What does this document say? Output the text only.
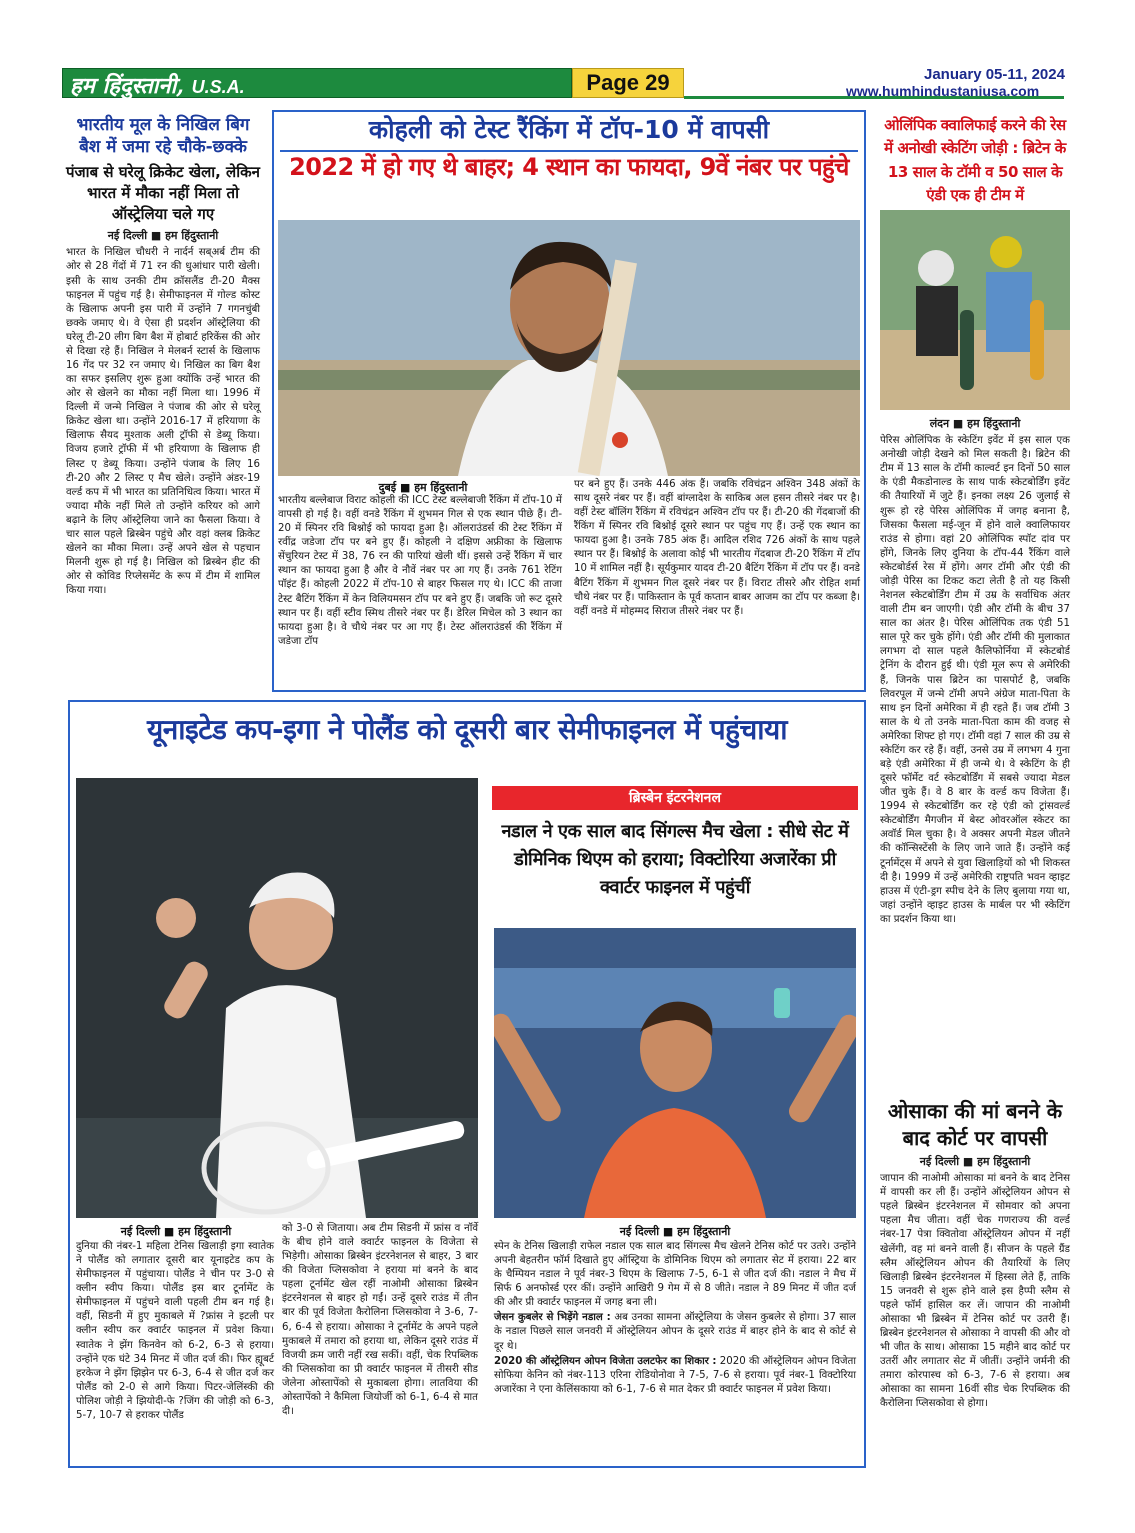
हम हिंदुस्तानी, U.S.A.	Page 29	January 05-11, 2024
www.humhindustaniusa.com
भारतीय मूल के निखिल बिग बैश में जमा रहे चौके-छक्के
पंजाब से घरेलू क्रिकेट खेला, लेकिन भारत में मौका नहीं मिला तो ऑस्ट्रेलिया चले गए
नई दिल्ली ■ हम हिंदुस्तानी

भारत के निखिल चौधरी ने नार्दर्न सब्अर्ब टीम की ओर से 28 गेंदों में 71 रन की धुआंधार पारी खेली। इसी के साथ उनकी टीम क्रॉसलैंड टी-20 मैक्स फाइनल में पहुंच गई है। सेमीफाइनल में गोल्ड कोस्ट के खिलाफ अपनी इस पारी में उन्होंने 7 गगनचुंबी छक्के जमाए थे। वे ऐसा ही प्रदर्शन ऑस्ट्रेलिया की घरेलू टी-20 लीग बिग बैश में होबार्ट हरिकेंस की ओर से दिखा रहे हैं। निखिल ने मेलबर्न स्टार्स के खिलाफ 16 गेंद पर 32 रन जमाए थे। निखिल का बिग बैश का सफर इसलिए शुरू हुआ क्योंकि उन्हें भारत की ओर से खेलने का मौका नहीं मिला था। 1996 में दिल्ली में जन्मे निखिल ने पंजाब की ओर से घरेलू क्रिकेट खेला था। उन्होंने 2016-17 में हरियाणा के खिलाफ सैयद मुश्ताक अली ट्रॉफी से डेब्यू किया। विजय हजारे ट्रॉफी में भी हरियाणा के खिलाफ ही लिस्ट ए डेब्यू किया। उन्होंने पंजाब के लिए 16 टी-20 और 2 लिस्ट ए मैच खेले। उन्होंने अंडर-19 वर्ल्ड कप में भी भारत का प्रतिनिधित्व किया। भारत में ज्यादा मौके नहीं मिले तो उन्होंने करियर को आगे बढ़ाने के लिए ऑस्ट्रेलिया जाने का फैसला किया। वे चार साल पहले ब्रिस्बेन पहुंचे और वहां क्लब क्रिकेट खेलने का मौका मिला। उन्हें अपने खेल से पहचान मिलनी शुरू हो गई है। निखिल को ब्रिस्बेन हीट की ओर से कोविड रिप्लेसमेंट के रूप में टीम में शामिल किया गया।

कोहली को टेस्ट रैंकिंग में टॉप-10 में वापसी
2022 में हो गए थे बाहर; 4 स्थान का फायदा, 9वें नंबर पर पहुंचे
दुबई ■ हम हिंदुस्तानी

भारतीय बल्लेबाज विराट कोहली की ICC टेस्ट बल्लेबाजी रैंकिंग में टॉप-10 में वापसी हो गई है। वहीं वनडे रैंकिंग में शुभमन गिल से एक स्थान पीछे हैं। टी- 20 में स्पिनर रवि बिश्नोई को फायदा हुआ है। ऑलराउंडर्स की टेस्ट रैंकिंग में रवींद्र जडेजा टॉप पर बने हुए हैं। कोहली ने दक्षिण अफ्रीका के खिलाफ सेंचुरियन टेस्ट में 38, 76 रन की पारियां खेली थीं। इससे उन्हें रैंकिंग में चार स्थान का फायदा हुआ है और वे नौवें नंबर पर आ गए हैं। उनके 761 रेटिंग पॉइंट हैं। कोहली 2022 में टॉप-10 से बाहर फिसल गए थे। ICC की ताजा टेस्ट बैटिंग रैंकिंग में केन विलियमसन टॉप पर बने हुए हैं। जबकि जो रूट दूसरे स्थान पर हैं। वहीं स्टीव स्मिथ तीसरे नंबर पर हैं। डेरिल मिचेल को 3 स्थान का फायदा हुआ है। वे चौथे नंबर पर आ गए हैं। टेस्ट ऑलराउंडर्स की रैंकिंग में जडेजा टॉप

पर बने हुए हैं। उनके 446 अंक हैं। जबकि रविचंद्रन अश्विन 348 अंकों के साथ दूसरे नंबर पर हैं। वहीं बांग्लादेश के साकिब अल हसन तीसरे नंबर पर है। वहीं टेस्ट बॉलिंग रैंकिंग में रविचंद्रन अश्विन टॉप पर हैं। टी-20 की गेंदबाजों की रैंकिंग में स्पिनर रवि बिश्नोई दूसरे स्थान पर पहुंच गए हैं। उन्हें एक स्थान का फायदा हुआ है। उनके 785 अंक हैं। आदिल रशिद 726 अंकों के साथ पहले स्थान पर हैं। बिश्नोई के अलावा कोई भी भारतीय गेंदबाज टी-20 रैंकिंग में टॉप 10 में शामिल नहीं है। सूर्यकुमार यादव टी-20 बैटिंग रैंकिंग में टॉप पर हैं। वनडे बैटिंग रैंकिंग में शुभमन गिल दूसरे नंबर पर हैं। विराट तीसरे और रोहित शर्मा चौथे नंबर पर हैं। पाकिस्तान के पूर्व कप्तान बाबर आजम का टॉप पर कब्जा है। वहीं वनडे में मोहम्मद सिराज तीसरे नंबर पर हैं।

ओलिंपिक क्वालिफाई करने की रेस में अनोखी स्केटिंग जोड़ी : ब्रिटेन के 13 साल के टॉमी व 50 साल के एंडी एक ही टीम में
लंदन ■ हम हिंदुस्तानी

पेरिस ओलिंपिक के स्केटिंग इवेंट में इस साल एक अनोखी जोड़ी देखने को मिल सकती है। ब्रिटेन की टीम में 13 साल के टॉमी काल्वर्ट इन दिनों 50 साल के एंडी मैकडोनाल्ड के साथ पार्क स्केटबोर्डिंग इवेंट की तैयारियों में जुटे हैं। इनका लक्ष्य 26 जुलाई से शुरू हो रहे पेरिस ओलिंपिक में जगह बनाना है, जिसका फैसला मई-जून में होने वाले क्वालिफायर राउंड से होगा। वहां 20 ओलिंपिक स्पॉट दांव पर होंगे, जिनके लिए दुनिया के टॉप-44 रैंकिंग वाले स्केटबोर्डर्स रेस में होंगे। अगर टॉमी और एंडी की जोड़ी पेरिस का टिकट कटा लेती है तो यह किसी नेशनल स्केटबोर्डिंग टीम में उम्र के सर्वाधिक अंतर वाली टीम बन जाएगी। एंडी और टॉमी के बीच 37 साल का अंतर है। पेरिस ओलिंपिक तक एंडी 51 साल पूरे कर चुके होंगे। एंडी और टॉमी की मुलाकात लगभग दो साल पहले कैलिफोर्निया में स्केटबोर्ड ट्रेनिंग के दौरान हुई थी। एंडी मूल रूप से अमेरिकी हैं, जिनके पास ब्रिटेन का पासपोर्ट है, जबकि लिवरपूल में जन्मे टॉमी अपने अंग्रेज माता-पिता के साथ इन दिनों अमेरिका में ही रहते हैं। जब टॉमी 3 साल के थे तो उनके माता-पिता काम की वजह से अमेरिका शिफ्ट हो गए। टॉमी वहां 7 साल की उम्र से स्केटिंग कर रहे हैं। वहीं, उनसे उम्र में लगभग 4 गुना बड़े एंडी अमेरिका में ही जन्मे थे। वे स्केटिंग के ही दूसरे फॉर्मेट वर्ट स्केटबोर्डिंग में सबसे ज्यादा मेडल जीत चुके हैं। वे 8 बार के वर्ल्ड कप विजेता हैं। 1994 से स्केटबोर्डिंग कर रहे एंडी को ट्रांसवर्ल्ड स्केटबोर्डिंग मैगजीन में बेस्ट ओवरऑल स्केटर का अवॉर्ड मिल चुका है। वे अक्सर अपनी मेडल जीतने की कॉन्सिस्टेंसी के लिए जाने जाते हैं। उन्होंने कई टूर्नामेंट्स में अपने से युवा खिलाड़ियों को भी शिकस्त दी है। 1999 में उन्हें अमेरिकी राष्ट्रपति भवन व्हाइट हाउस में एंटी-ड्रग स्पीच देने के लिए बुलाया गया था, जहां उन्होंने व्हाइट हाउस के मार्बल पर भी स्केटिंग का प्रदर्शन किया था।

ओसाका की मां बनने के बाद कोर्ट पर वापसी
नई दिल्ली ■ हम हिंदुस्तानी

जापान की नाओमी ओसाका मां बनने के बाद टेनिस में वापसी कर ली हैं। उन्होंने ऑस्ट्रेलियन ओपन से पहले ब्रिस्बेन इंटरनेशनल में सोमवार को अपना पहला मैच जीता। वहीं चेक गणराज्य की वर्ल्ड नंबर-17 पेत्रा क्वितोवा ऑस्ट्रेलियन ओपन में नहीं खेलेंगी, वह मां बनने वाली हैं। सीजन के पहले ग्रैंड स्लैम ऑस्ट्रेलियन ओपन की तैयारियों के लिए खिलाड़ी ब्रिस्बेन इंटरनेशनल में हिस्सा लेते हैं, ताकि 15 जनवरी से शुरू होने वाले इस हैप्पी स्लैम से पहले फॉर्म हासिल कर लें। जापान की नाओमी ओसाका भी ब्रिस्बेन में टेनिस कोर्ट पर उतरी हैं। ब्रिस्बेन इंटरनेशनल से ओसाका ने वापसी की और वो भी जीत के साथ। ओसाका 15 महीने बाद कोर्ट पर उतरीं और लगातार सेट में जीतीं। उन्होंने जर्मनी की तमारा कोरपास्च को 6-3, 7-6 से हराया। अब ओसाका का सामना 16वीं सीड चेक रिपब्लिक की कैरोलिना प्लिसकोवा से होगा।

यूनाइटेड कप-इगा ने पोलैंड को दूसरी बार सेमीफाइनल में पहुंचाया
नई दिल्ली ■ हम हिंदुस्तानी

दुनिया की नंबर-1 महिला टेनिस खिलाड़ी इगा स्वातेक ने पोलैंड को लगातार दूसरी बार यूनाइटेड कप के सेमीफाइनल में पहुंचाया। पोलैंड ने चीन पर 3-0 से क्लीन स्वीप किया। पोलैंड इस बार टूर्नामेंट के सेमीफाइनल में पहुंचने वाली पहली टीम बन गई है। वहीं, सिडनी में हुए मुकाबले में ?फ्रांस ने इटली पर क्लीन स्वीप कर क्वार्टर फाइनल में प्रवेश किया। स्वातेक ने झेंग किनवेन को 6-2, 6-3 से हराया। उन्होंने एक घंटे 34 मिनट में जीत दर्ज की। फिर ह्यूबर्ट हरकेज ने झेंग झिझेन पर 6-3, 6-4 से जीत दर्ज कर पोलैंड को 2-0 से आगे किया। पिटर-जेलिंस्की की पोलिश जोड़ी ने झियोदी-फे ?जिंग की जोड़ी को 6-3, 5-7, 10-7 से हराकर पोलैंड

को 3-0 से जिताया। अब टीम सिडनी में फ्रांस व नॉर्वे के बीच होने वाले क्वार्टर फाइनल के विजेता से भिड़ेगी। ओसाका ब्रिस्बेन इंटरनेशनल से बाहर, 3 बार की विजेता प्लिसकोवा ने हराया मां बनने के बाद पहला टूर्नामेंट खेल रहीं नाओमी ओसाका ब्रिस्बेन इंटरनेशनल से बाहर हो गईं। उन्हें दूसरे राउंड में तीन बार की पूर्व विजेता कैरोलिना प्लिसकोवा ने 3-6, 7-6, 6-4 से हराया। ओसाका ने टूर्नामेंट के अपने पहले मुकाबले में तमारा को हराया था, लेकिन दूसरे राउंड में विजयी क्रम जारी नहीं रख सकीं। वहीं, चेक रिपब्लिक की प्लिसकोवा का प्री क्वार्टर फाइनल में तीसरी सीड जेलेना ओस्तापेंको से मुकाबला होगा। लातविया की ओस्तापेंको ने कैमिला जियोर्जी को 6-1, 6-4 से मात दी।

ब्रिस्बेन इंटरनेशनल
नडाल ने एक साल बाद सिंगल्स मैच खेला : सीधे सेट में डोमिनिक थिएम को हराया; विक्टोरिया अजारेंका प्री क्वार्टर फाइनल में पहुंचीं
नई दिल्ली ■ हम हिंदुस्तानी

स्पेन के टेनिस खिलाड़ी राफेल नडाल एक साल बाद सिंगल्स मैच खेलने टेनिस कोर्ट पर उतरे। उन्होंने अपनी बेहतरीन फॉर्म दिखाते हुए ऑस्ट्रिया के डोमिनिक थिएम को लगातार सेट में हराया। 22 बार के चैम्पियन नडाल ने पूर्व नंबर-3 थिएम के खिलाफ 7-5, 6-1 से जीत दर्ज की। नडाल ने मैच में सिर्फ 6 अनफोर्स्ड एरर कीं। उन्होंने आखिरी 9 गेम में से 8 जीते। नडाल ने 89 मिनट में जीत दर्ज की और प्री क्वार्टर फाइनल में जगह बना ली।

जेसन कुबलेर से भिड़ेंगे नडाल : अब उनका सामना ऑस्ट्रेलिया के जेसन कुबलेर से होगा। 37 साल के नडाल पिछले साल जनवरी में ऑस्ट्रेलियन ओपन के दूसरे राउंड में बाहर होने के बाद से कोर्ट से दूर थे।

2020 की ऑस्ट्रेलियन ओपन विजेता उलटफेर का शिकार : 2020 की ऑस्ट्रेलियन ओपन विजेता सोफिया केनिन को नंबर-113 एरिना रोडियोनोवा ने 7-5, 7-6 से हराया। पूर्व नंबर-1 विक्टोरिया अजारेंका ने एना केलिंसकाया को 6-1, 7-6 से मात देकर प्री क्वार्टर फाइनल में प्रवेश किया।
